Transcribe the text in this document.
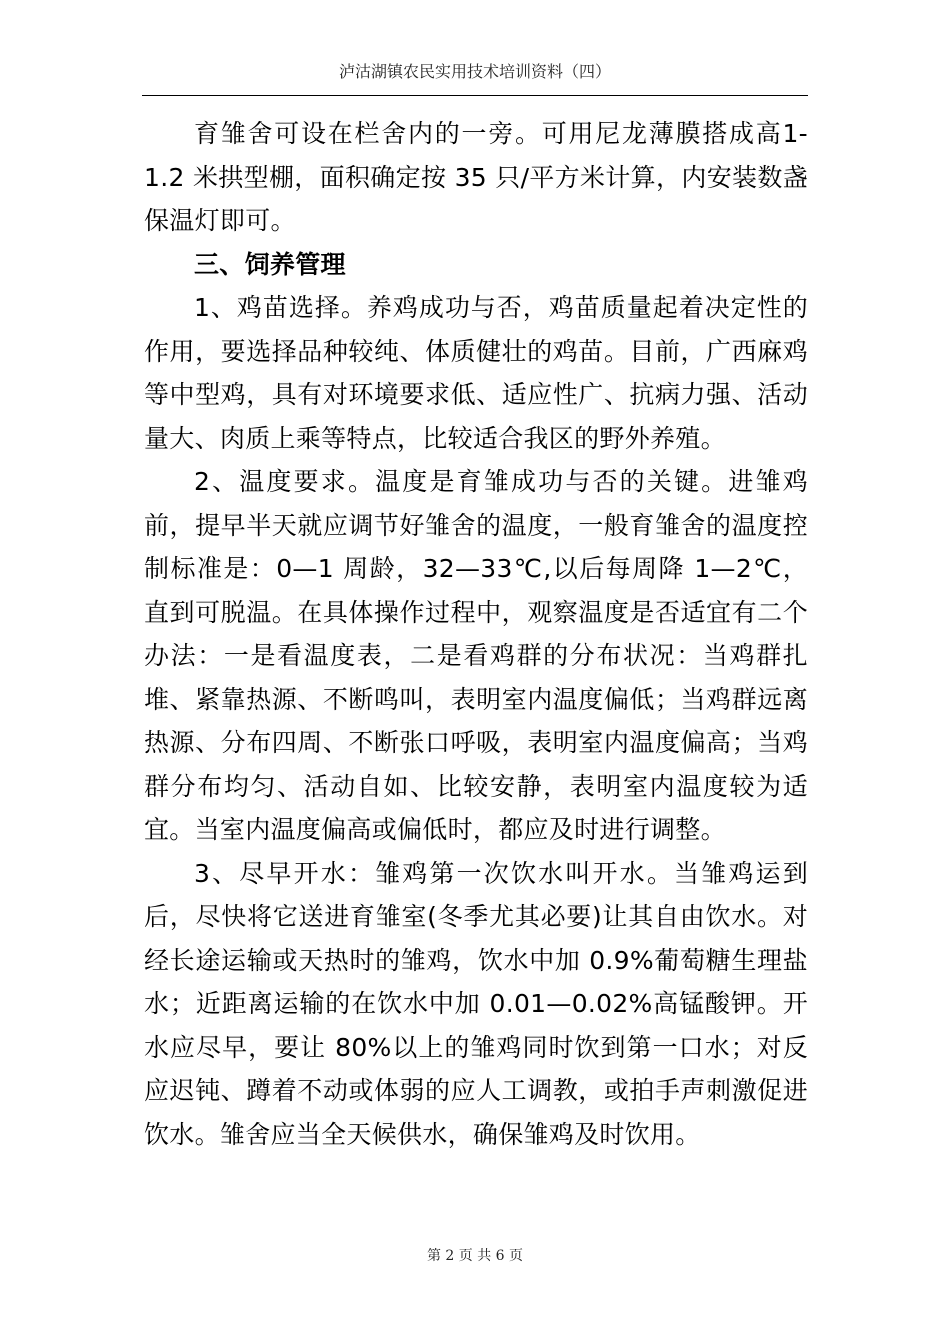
泸沽湖镇农民实用技术培训资料（四）

育雏舍可设在栏舍内的一旁。可用尼龙薄膜搭成高1-1.2 米拱型棚，面积确定按 35 只/平方米计算，内安装数盏保温灯即可。

三、饲养管理

1、鸡苗选择。养鸡成功与否，鸡苗质量起着决定性的作用，要选择品种较纯、体质健壮的鸡苗。目前，广西麻鸡等中型鸡，具有对环境要求低、适应性广、抗病力强、活动量大、肉质上乘等特点，比较适合我区的野外养殖。

2、温度要求。温度是育雏成功与否的关键。进雏鸡前，提早半天就应调节好雏舍的温度，一般育雏舍的温度控制标准是：0—1 周龄，32—33℃,以后每周降 1—2℃，直到可脱温。在具体操作过程中，观察温度是否适宜有二个办法：一是看温度表，二是看鸡群的分布状况：当鸡群扎堆、紧靠热源、不断鸣叫，表明室内温度偏低；当鸡群远离热源、分布四周、不断张口呼吸，表明室内温度偏高；当鸡群分布均匀、活动自如、比较安静，表明室内温度较为适宜。当室内温度偏高或偏低时，都应及时进行调整。

3、尽早开水：雏鸡第一次饮水叫开水。当雏鸡运到后，尽快将它送进育雏室(冬季尤其必要)让其自由饮水。对经长途运输或天热时的雏鸡，饮水中加 0.9%葡萄糖生理盐水；近距离运输的在饮水中加 0.01—0.02%高锰酸钾。开水应尽早，要让 80%以上的雏鸡同时饮到第一口水；对反应迟钝、蹲着不动或体弱的应人工调教，或拍手声刺激促进饮水。雏舍应当全天候供水，确保雏鸡及时饮用。

第 2 页 共 6 页
